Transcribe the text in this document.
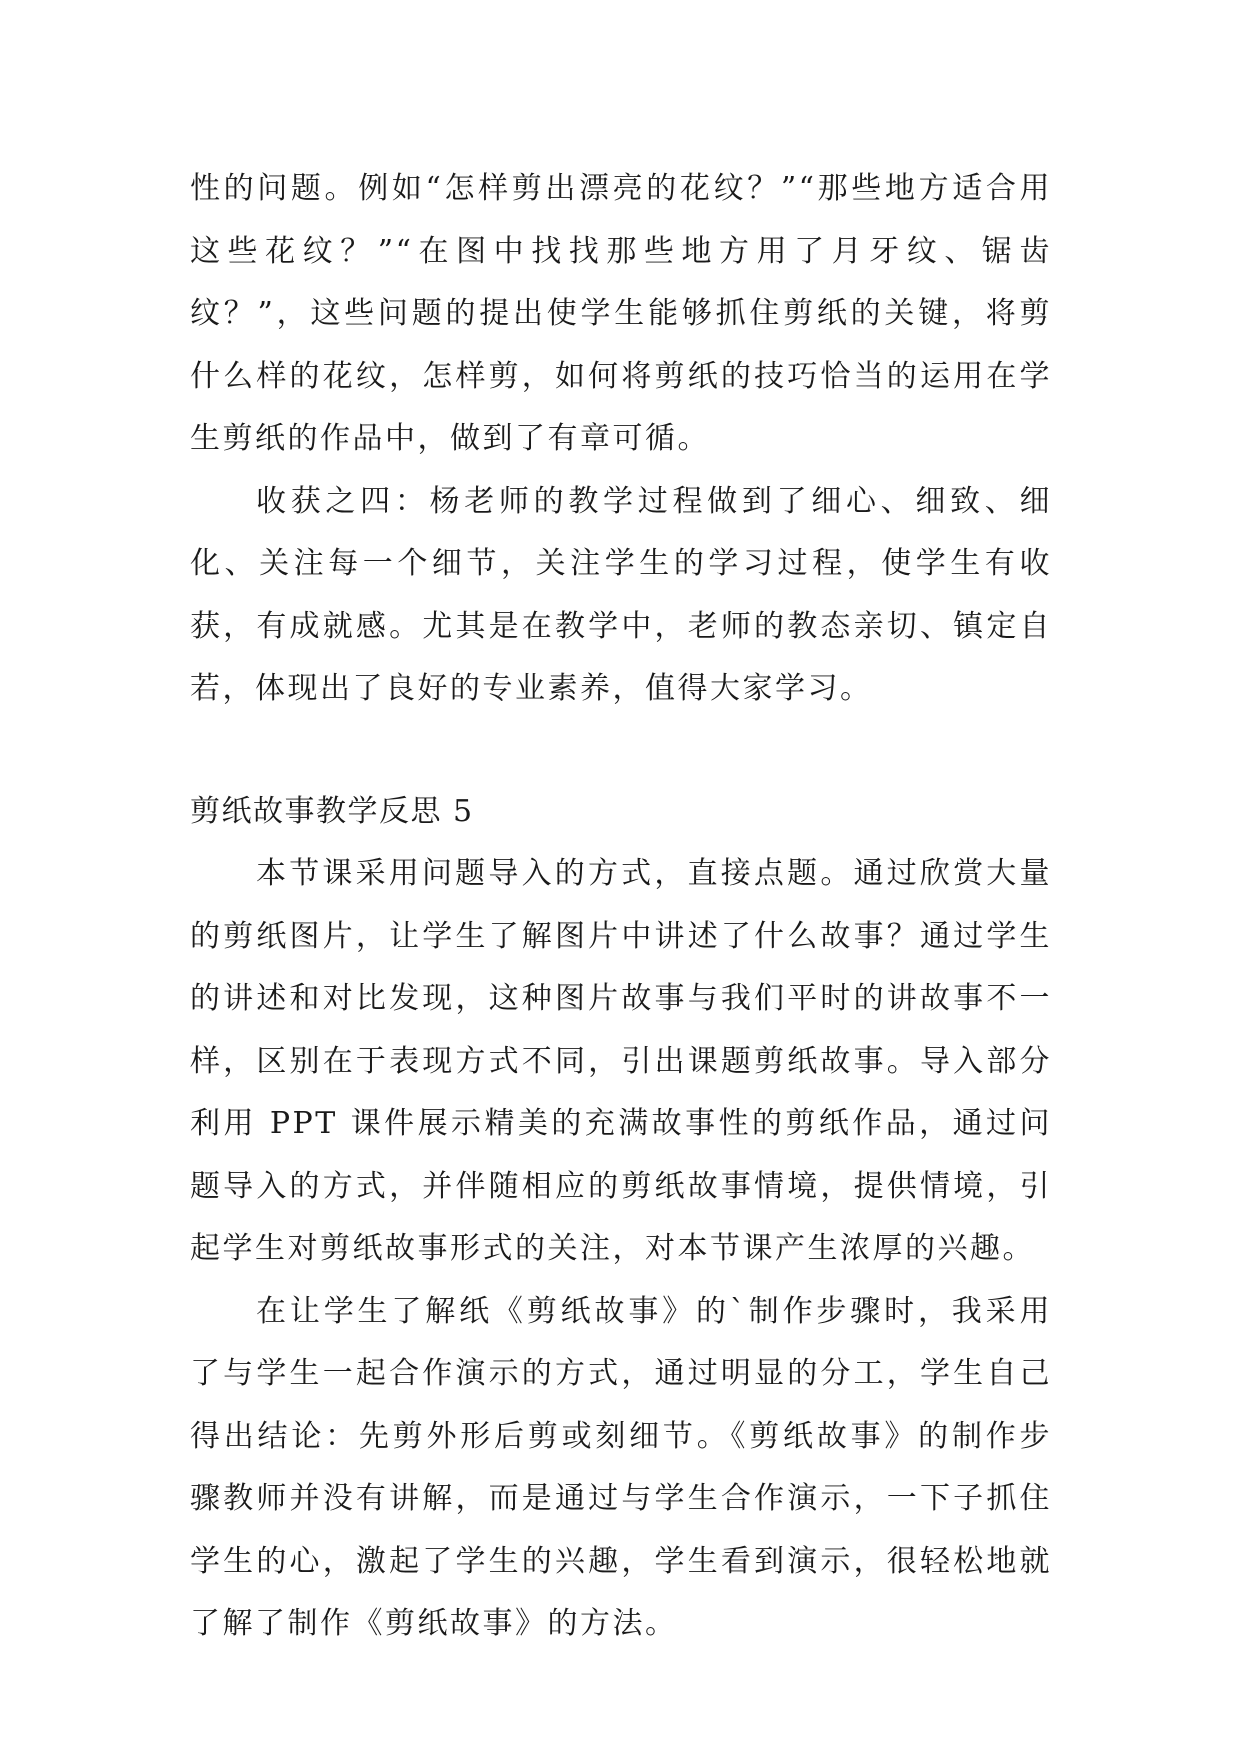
性的问题。例如“怎样剪出漂亮的花纹？”“那些地方适合用这些花纹？”“在图中找找那些地方用了月牙纹、锯齿纹？”，这些问题的提出使学生能够抓住剪纸的关键，将剪什么样的花纹，怎样剪，如何将剪纸的技巧恰当的运用在学生剪纸的作品中，做到了有章可循。

收获之四：杨老师的教学过程做到了细心、细致、细化、关注每一个细节，关注学生的学习过程，使学生有收获，有成就感。尤其是在教学中，老师的教态亲切、镇定自若，体现出了良好的专业素养，值得大家学习。

剪纸故事教学反思 5

本节课采用问题导入的方式，直接点题。通过欣赏大量的剪纸图片，让学生了解图片中讲述了什么故事？通过学生的讲述和对比发现，这种图片故事与我们平时的讲故事不一样，区别在于表现方式不同，引出课题剪纸故事。导入部分利用 PPT 课件展示精美的充满故事性的剪纸作品，通过问题导入的方式，并伴随相应的剪纸故事情境，提供情境，引起学生对剪纸故事形式的关注，对本节课产生浓厚的兴趣。

在让学生了解纸《剪纸故事》的`制作步骤时，我采用了与学生一起合作演示的方式，通过明显的分工，学生自己得出结论：先剪外形后剪或刻细节。《剪纸故事》的制作步骤教师并没有讲解，而是通过与学生合作演示，一下子抓住学生的心，激起了学生的兴趣，学生看到演示，很轻松地就了解了制作《剪纸故事》的方法。
